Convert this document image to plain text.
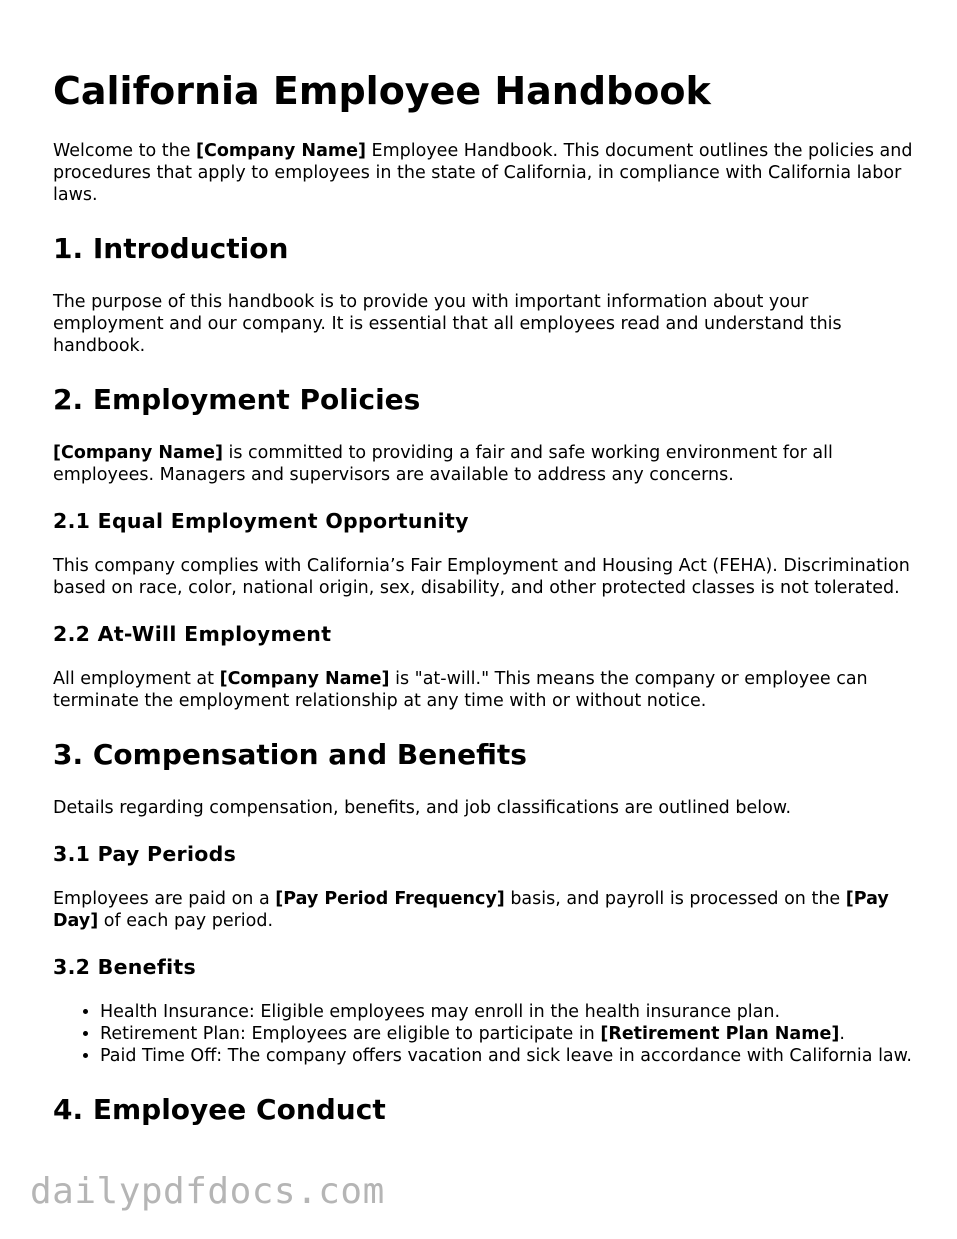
California Employee Handbook

Welcome to the [Company Name] Employee Handbook. This document outlines the policies and procedures that apply to employees in the state of California, in compliance with California labor laws.

1. Introduction

The purpose of this handbook is to provide you with important information about your employment and our company. It is essential that all employees read and understand this handbook.

2. Employment Policies

[Company Name] is committed to providing a fair and safe working environment for all employees. Managers and supervisors are available to address any concerns.

2.1 Equal Employment Opportunity

This company complies with California’s Fair Employment and Housing Act (FEHA). Discrimination based on race, color, national origin, sex, disability, and other protected classes is not tolerated.

2.2 At-Will Employment

All employment at [Company Name] is "at-will." This means the company or employee can terminate the employment relationship at any time with or without notice.

3. Compensation and Benefits

Details regarding compensation, benefits, and job classifications are outlined below.

3.1 Pay Periods

Employees are paid on a [Pay Period Frequency] basis, and payroll is processed on the [Pay Day] of each pay period.

3.2 Benefits
• Health Insurance: Eligible employees may enroll in the health insurance plan.
• Retirement Plan: Employees are eligible to participate in [Retirement Plan Name].
• Paid Time Off: The company offers vacation and sick leave in accordance with California law.
4. Employee Conduct
dailypdfdocs.com
